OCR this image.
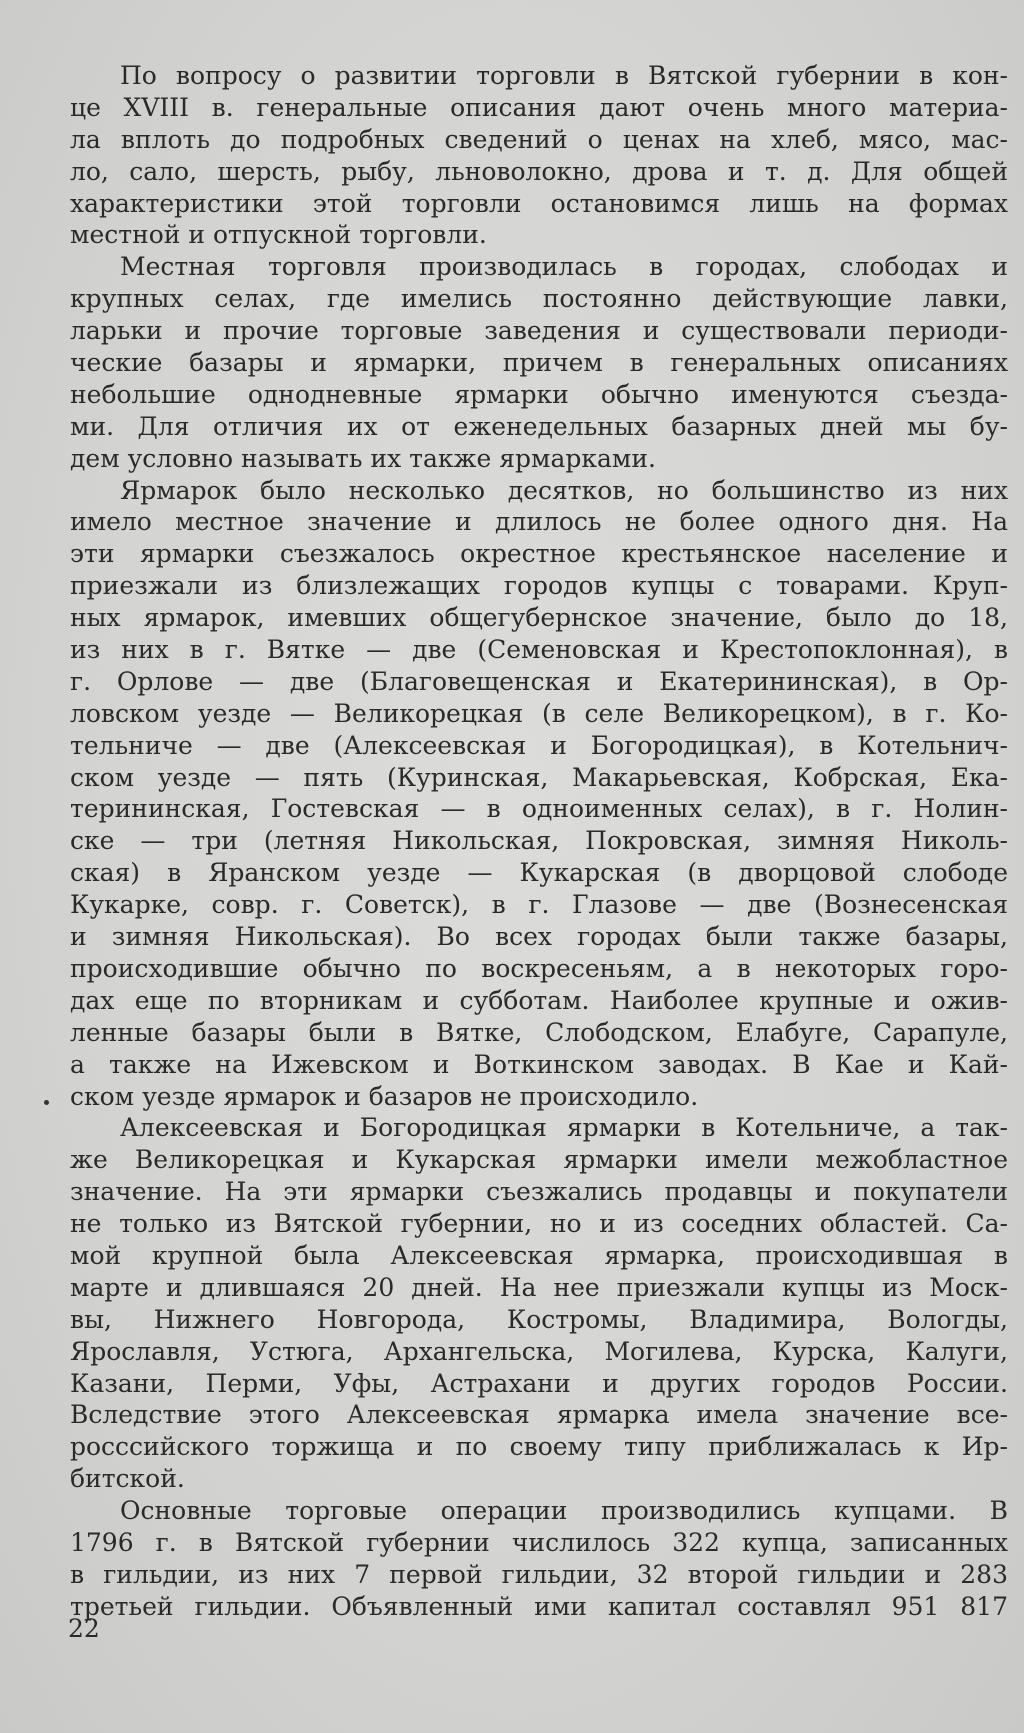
По вопросу о развитии торговли в Вятской губернии в кон-
це XVIII в. генеральные описания дают очень много материа-
ла вплоть до подробных сведений о ценах на хлеб, мясо, мас-
ло, сало, шерсть, рыбу, льноволокно, дрова и т. д. Для общей
характеристики этой торговли остановимся лишь на формах
местной и отпускной торговли.
Местная торговля производилась в городах, слободах и
крупных селах, где имелись постоянно действующие лавки,
ларьки и прочие торговые заведения и существовали периоди-
ческие базары и ярмарки, причем в генеральных описаниях
небольшие однодневные ярмарки обычно именуются съезда-
ми. Для отличия их от еженедельных базарных дней мы бу-
дем условно называть их также ярмарками.
Ярмарок было несколько десятков, но большинство из них
имело местное значение и длилось не более одного дня. На
эти ярмарки съезжалось окрестное крестьянское население и
приезжали из близлежащих городов купцы с товарами. Круп-
ных ярмарок, имевших общегубернское значение, было до 18,
из них в г. Вятке — две (Семеновская и Крестопоклонная), в
г. Орлове — две (Благовещенская и Екатерининская), в Ор-
ловском уезде — Великорецкая (в селе Великорецком), в г. Ко-
тельниче — две (Алексеевская и Богородицкая), в Котельнич-
ском уезде — пять (Куринская, Макарьевская, Кобрская, Ека-
терининская, Гостевская — в одноименных селах), в г. Нолин-
ске — три (летняя Никольская, Покровская, зимняя Николь-
ская) в Яранском уезде — Кукарская (в дворцовой слободе
Кукарке, совр. г. Советск), в г. Глазове — две (Вознесенская
и зимняя Никольская). Во всех городах были также базары,
происходившие обычно по воскресеньям, а в некоторых горо-
дах еще по вторникам и субботам. Наиболее крупные и ожив-
ленные базары были в Вятке, Слободском, Елабуге, Сарапуле,
а также на Ижевском и Воткинском заводах. В Кае и Кай-
ском уезде ярмарок и базаров не происходило.
Алексеевская и Богородицкая ярмарки в Котельниче, а так-
же Великорецкая и Кукарская ярмарки имели межобластное
значение. На эти ярмарки съезжались продавцы и покупатели
не только из Вятской губернии, но и из соседних областей. Са-
мой крупной была Алексеевская ярмарка, происходившая в
марте и длившаяся 20 дней. На нее приезжали купцы из Моск-
вы, Нижнего Новгорода, Костромы, Владимира, Вологды,
Ярославля, Устюга, Архангельска, Могилева, Курска, Калуги,
Казани, Перми, Уфы, Астрахани и других городов России.
Вследствие этого Алексеевская ярмарка имела значение все-
росссийского торжища и по своему типу приближалась к Ир-
битской.
Основные торговые операции производились купцами. В
1796 г. в Вятской губернии числилось 322 купца, записанных
в гильдии, из них 7 первой гильдии, 32 второй гильдии и 283
третьей гильдии. Объявленный ими капитал составлял 951 817
22
